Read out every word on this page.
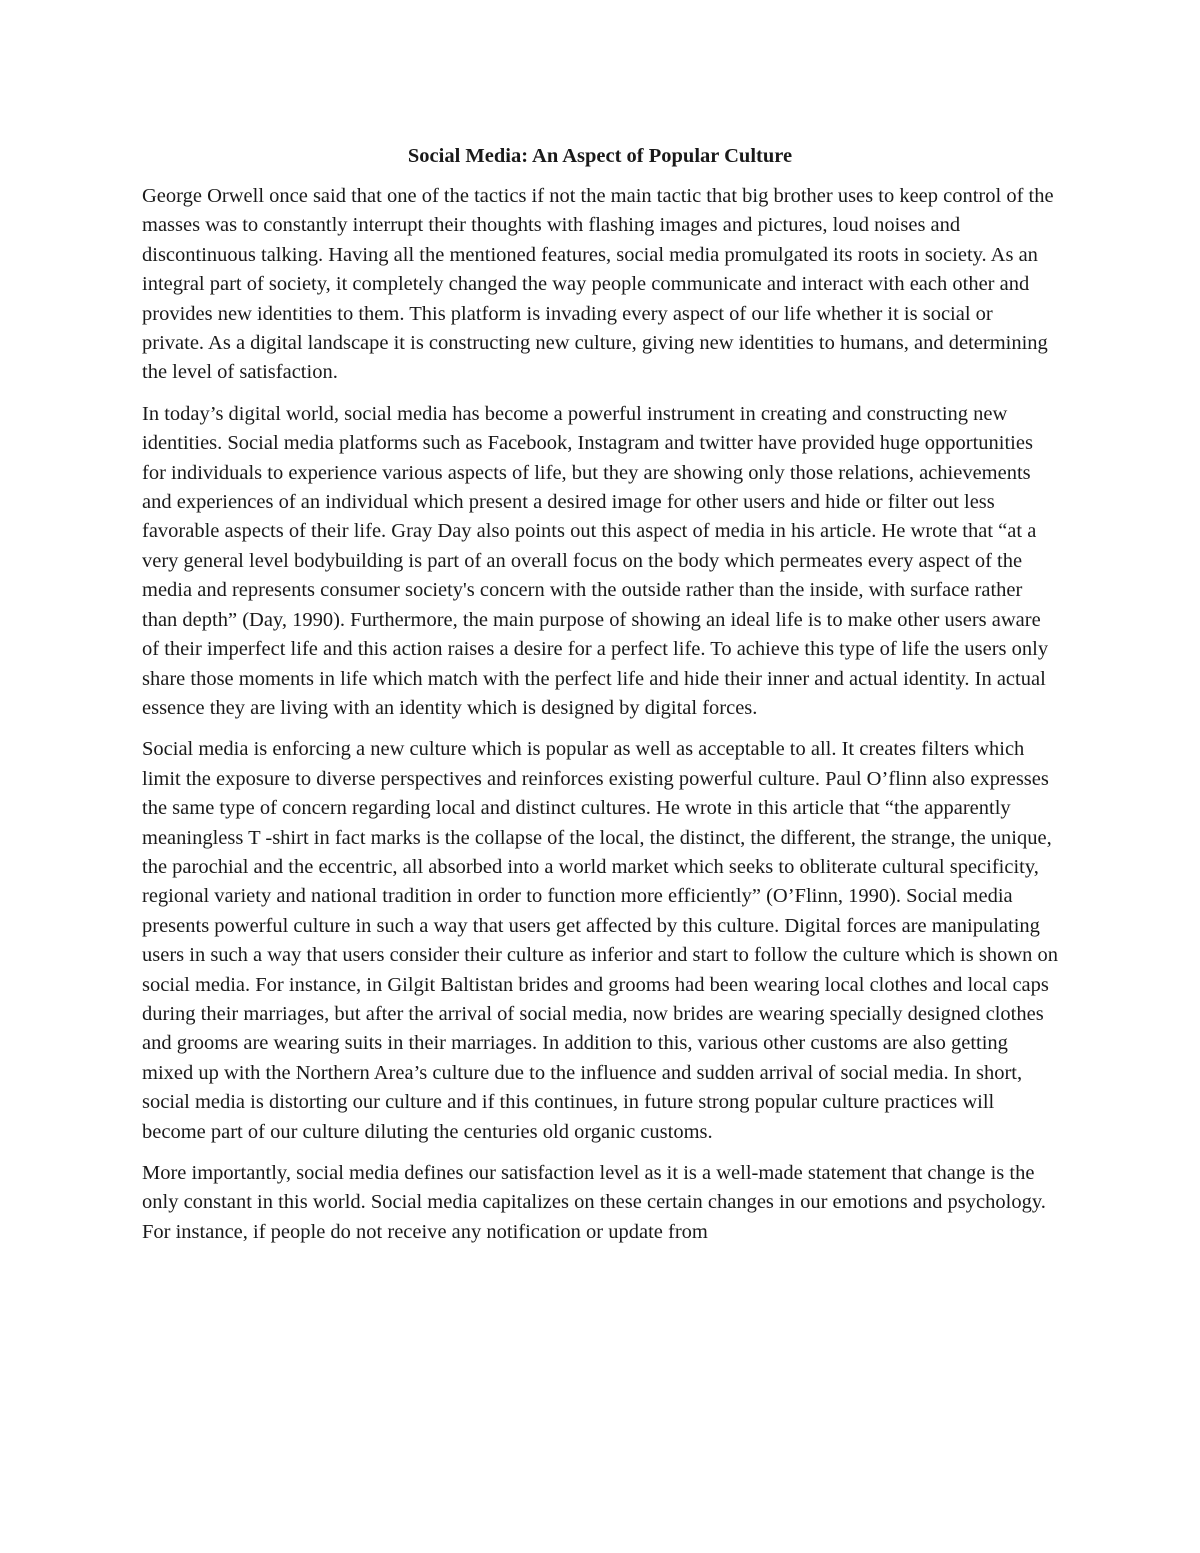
Social Media: An Aspect of Popular Culture

George Orwell once said that one of the tactics if not the main tactic that big brother uses to keep control of the masses was to constantly interrupt their thoughts with flashing images and pictures, loud noises and discontinuous talking. Having all the mentioned features, social media promulgated its roots in society. As an integral part of society, it completely changed the way people communicate and interact with each other and provides new identities to them. This platform is invading every aspect of our life whether it is social or private. As a digital landscape it is constructing new culture, giving new identities to humans, and determining the level of satisfaction.

In today’s digital world, social media has become a powerful instrument in creating and constructing new identities. Social media platforms such as Facebook, Instagram and twitter have provided huge opportunities for individuals to experience various aspects of life, but they are showing only those relations, achievements and experiences of an individual which present a desired image for other users and hide or filter out less favorable aspects of their life. Gray Day also points out this aspect of media in his article. He wrote that “at a very general level bodybuilding is part of an overall focus on the body which permeates every aspect of the media and represents consumer society's concern with the outside rather than the inside, with surface rather than depth” (Day, 1990). Furthermore, the main purpose of showing an ideal life is to make other users aware of their imperfect life and this action raises a desire for a perfect life. To achieve this type of life the users only share those moments in life which match with the perfect life and hide their inner and actual identity. In actual essence they are living with an identity which is designed by digital forces.

Social media is enforcing a new culture which is popular as well as acceptable to all. It creates filters which limit the exposure to diverse perspectives and reinforces existing powerful culture. Paul O’flinn also expresses the same type of concern regarding local and distinct cultures. He wrote in this article that “the apparently meaningless T -shirt in fact marks is the collapse of the local, the distinct, the different, the strange, the unique, the parochial and the eccentric, all absorbed into a world market which seeks to obliterate cultural specificity, regional variety and national tradition in order to function more efficiently” (O’Flinn, 1990). Social media presents powerful culture in such a way that users get affected by this culture. Digital forces are manipulating users in such a way that users consider their culture as inferior and start to follow the culture which is shown on social media. For instance, in Gilgit Baltistan brides and grooms had been wearing local clothes and local caps during their marriages, but after the arrival of social media, now brides are wearing specially designed clothes and grooms are wearing suits in their marriages. In addition to this, various other customs are also getting mixed up with the Northern Area’s culture due to the influence and sudden arrival of social media. In short, social media is distorting our culture and if this continues, in future strong popular culture practices will become part of our culture diluting the centuries old organic customs.

More importantly, social media defines our satisfaction level as it is a well-made statement that change is the only constant in this world. Social media capitalizes on these certain changes in our emotions and psychology. For instance, if people do not receive any notification or update from
